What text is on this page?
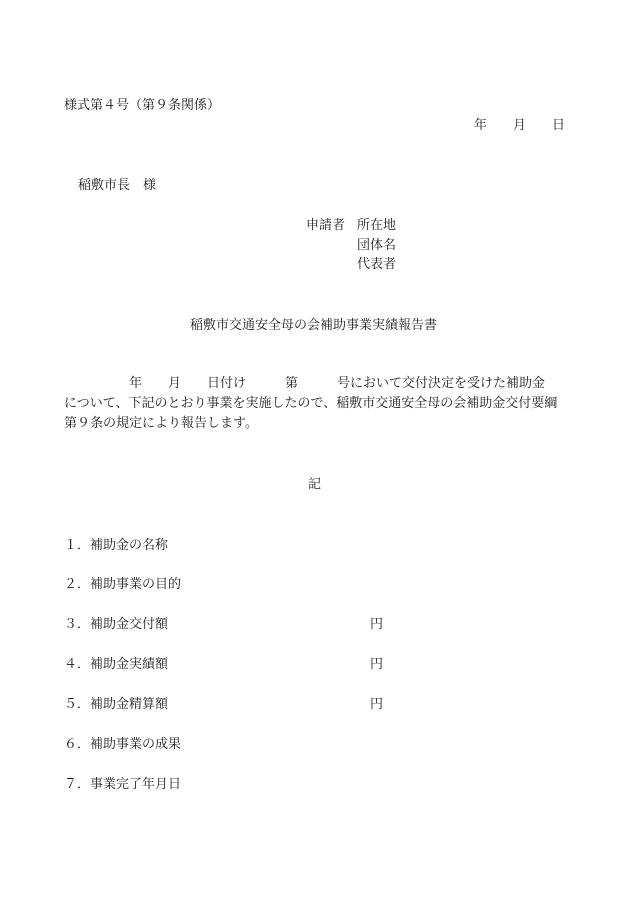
様式第４号（第９条関係）
年　　月　　日
稲敷市長　様
申請者 所在地
団体名
代表者
稲敷市交通安全母の会補助事業実績報告書
　　　　　年　　月　　日付け　　　第　　　号において交付決定を受けた補助金
について、下記のとおり事業を実施したので、稲敷市交通安全母の会補助金交付要綱
第９条の規定により報告します。
記
１．補助金の名称
２．補助事業の目的
３．補助金交付額	円
４．補助金実績額	円
５．補助金精算額	円
６．補助事業の成果
７．事業完了年月日
